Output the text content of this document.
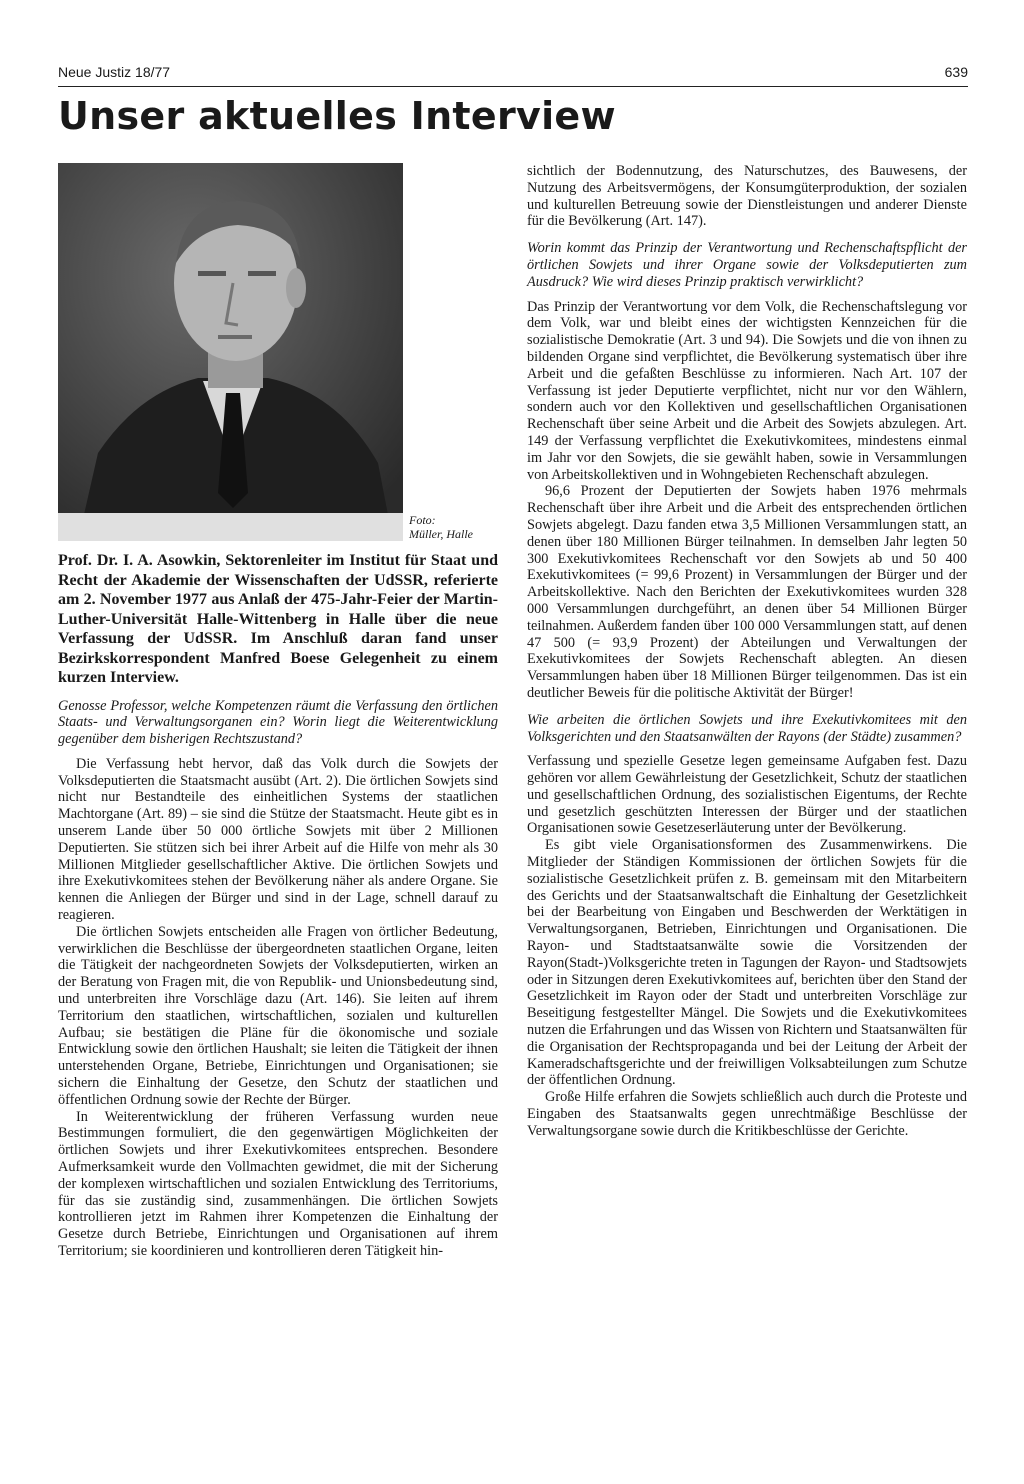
Neue Justiz 18/77	639
Unser aktuelles Interview
Foto:
Müller, Halle

Prof. Dr. I. A. Asowkin, Sektorenleiter im Institut für Staat und Recht der Akademie der Wissenschaften der UdSSR, referierte am 2. November 1977 aus Anlaß der 475-Jahr-Feier der Martin-Luther-Universität Halle-Wittenberg in Halle über die neue Verfassung der UdSSR. Im Anschluß daran fand unser Bezirkskorrespondent Manfred Boese Gelegenheit zu einem kurzen Interview.

Genosse Professor, welche Kompetenzen räumt die Verfassung den örtlichen Staats- und Verwaltungsorganen ein? Worin liegt die Weiterentwicklung gegenüber dem bisherigen Rechtszustand?

Die Verfassung hebt hervor, daß das Volk durch die Sowjets der Volksdeputierten die Staatsmacht ausübt (Art. 2). Die örtlichen Sowjets sind nicht nur Bestandteile des einheitlichen Systems der staatlichen Machtorgane (Art. 89) – sie sind die Stütze der Staatsmacht. Heute gibt es in unserem Lande über 50 000 örtliche Sowjets mit über 2 Millionen Deputierten. Sie stützen sich bei ihrer Arbeit auf die Hilfe von mehr als 30 Millionen Mitglieder gesellschaftlicher Aktive. Die örtlichen Sowjets und ihre Exekutivkomitees stehen der Bevölkerung näher als andere Organe. Sie kennen die Anliegen der Bürger und sind in der Lage, schnell darauf zu reagieren.

Die örtlichen Sowjets entscheiden alle Fragen von örtlicher Bedeutung, verwirklichen die Beschlüsse der übergeordneten staatlichen Organe, leiten die Tätigkeit der nachgeordneten Sowjets der Volksdeputierten, wirken an der Beratung von Fragen mit, die von Republik- und Unionsbedeutung sind, und unterbreiten ihre Vorschläge dazu (Art. 146). Sie leiten auf ihrem Territorium den staatlichen, wirtschaftlichen, sozialen und kulturellen Aufbau; sie bestätigen die Pläne für die ökonomische und soziale Entwicklung sowie den örtlichen Haushalt; sie leiten die Tätigkeit der ihnen unterstehenden Organe, Betriebe, Einrichtungen und Organisationen; sie sichern die Einhaltung der Gesetze, den Schutz der staatlichen und öffentlichen Ordnung sowie der Rechte der Bürger.

In Weiterentwicklung der früheren Verfassung wurden neue Bestimmungen formuliert, die den gegenwärtigen Möglichkeiten der örtlichen Sowjets und ihrer Exekutivkomitees entsprechen. Besondere Aufmerksamkeit wurde den Vollmachten gewidmet, die mit der Sicherung der komplexen wirtschaftlichen und sozialen Entwicklung des Territoriums, für das sie zuständig sind, zusammenhängen. Die örtlichen Sowjets kontrollieren jetzt im Rahmen ihrer Kompetenzen die Einhaltung der Gesetze durch Betriebe, Einrichtungen und Organisationen auf ihrem Territorium; sie koordinieren und kontrollieren deren Tätigkeit hin-

sichtlich der Bodennutzung, des Naturschutzes, des Bauwesens, der Nutzung des Arbeitsvermögens, der Konsumgüterproduktion, der sozialen und kulturellen Betreuung sowie der Dienstleistungen und anderer Dienste für die Bevölkerung (Art. 147).

Worin kommt das Prinzip der Verantwortung und Rechenschaftspflicht der örtlichen Sowjets und ihrer Organe sowie der Volksdeputierten zum Ausdruck? Wie wird dieses Prinzip praktisch verwirklicht?

Das Prinzip der Verantwortung vor dem Volk, die Rechenschaftslegung vor dem Volk, war und bleibt eines der wichtigsten Kennzeichen für die sozialistische Demokratie (Art. 3 und 94). Die Sowjets und die von ihnen zu bildenden Organe sind verpflichtet, die Bevölkerung systematisch über ihre Arbeit und die gefaßten Beschlüsse zu informieren. Nach Art. 107 der Verfassung ist jeder Deputierte verpflichtet, nicht nur vor den Wählern, sondern auch vor den Kollektiven und gesellschaftlichen Organisationen Rechenschaft über seine Arbeit und die Arbeit des Sowjets abzulegen. Art. 149 der Verfassung verpflichtet die Exekutivkomitees, mindestens einmal im Jahr vor den Sowjets, die sie gewählt haben, sowie in Versammlungen von Arbeitskollektiven und in Wohngebieten Rechenschaft abzulegen.

96,6 Prozent der Deputierten der Sowjets haben 1976 mehrmals Rechenschaft über ihre Arbeit und die Arbeit des entsprechenden örtlichen Sowjets abgelegt. Dazu fanden etwa 3,5 Millionen Versammlungen statt, an denen über 180 Millionen Bürger teilnahmen. In demselben Jahr legten 50 300 Exekutivkomitees Rechenschaft vor den Sowjets ab und 50 400 Exekutivkomitees (= 99,6 Prozent) in Versammlungen der Bürger und der Arbeitskollektive. Nach den Berichten der Exekutivkomitees wurden 328 000 Versammlungen durchgeführt, an denen über 54 Millionen Bürger teilnahmen. Außerdem fanden über 100 000 Versammlungen statt, auf denen 47 500 (= 93,9 Prozent) der Abteilungen und Verwaltungen der Exekutivkomitees der Sowjets Rechenschaft ablegten. An diesen Versammlungen haben über 18 Millionen Bürger teilgenommen. Das ist ein deutlicher Beweis für die politische Aktivität der Bürger!

Wie arbeiten die örtlichen Sowjets und ihre Exekutivkomitees mit den Volksgerichten und den Staatsanwälten der Rayons (der Städte) zusammen?

Verfassung und spezielle Gesetze legen gemeinsame Aufgaben fest. Dazu gehören vor allem Gewährleistung der Gesetzlichkeit, Schutz der staatlichen und gesellschaftlichen Ordnung, des sozialistischen Eigentums, der Rechte und gesetzlich geschützten Interessen der Bürger und der staatlichen Organisationen sowie Gesetzeserläuterung unter der Bevölkerung.

Es gibt viele Organisationsformen des Zusammenwirkens. Die Mitglieder der Ständigen Kommissionen der örtlichen Sowjets für die sozialistische Gesetzlichkeit prüfen z. B. gemeinsam mit den Mitarbeitern des Gerichts und der Staatsanwaltschaft die Einhaltung der Gesetzlichkeit bei der Bearbeitung von Eingaben und Beschwerden der Werktätigen in Verwaltungsorganen, Betrieben, Einrichtungen und Organisationen. Die Rayon- und Stadtstaatsanwälte sowie die Vorsitzenden der Rayon(Stadt-)Volksgerichte treten in Tagungen der Rayon- und Stadtsowjets oder in Sitzungen deren Exekutivkomitees auf, berichten über den Stand der Gesetzlichkeit im Rayon oder der Stadt und unterbreiten Vorschläge zur Beseitigung festgestellter Mängel. Die Sowjets und die Exekutivkomitees nutzen die Erfahrungen und das Wissen von Richtern und Staatsanwälten für die Organisation der Rechtspropaganda und bei der Leitung der Arbeit der Kameradschaftsgerichte und der freiwilligen Volksabteilungen zum Schutze der öffentlichen Ordnung.

Große Hilfe erfahren die Sowjets schließlich auch durch die Proteste und Eingaben des Staatsanwalts gegen unrechtmäßige Beschlüsse der Verwaltungsorgane sowie durch die Kritikbeschlüsse der Gerichte.
